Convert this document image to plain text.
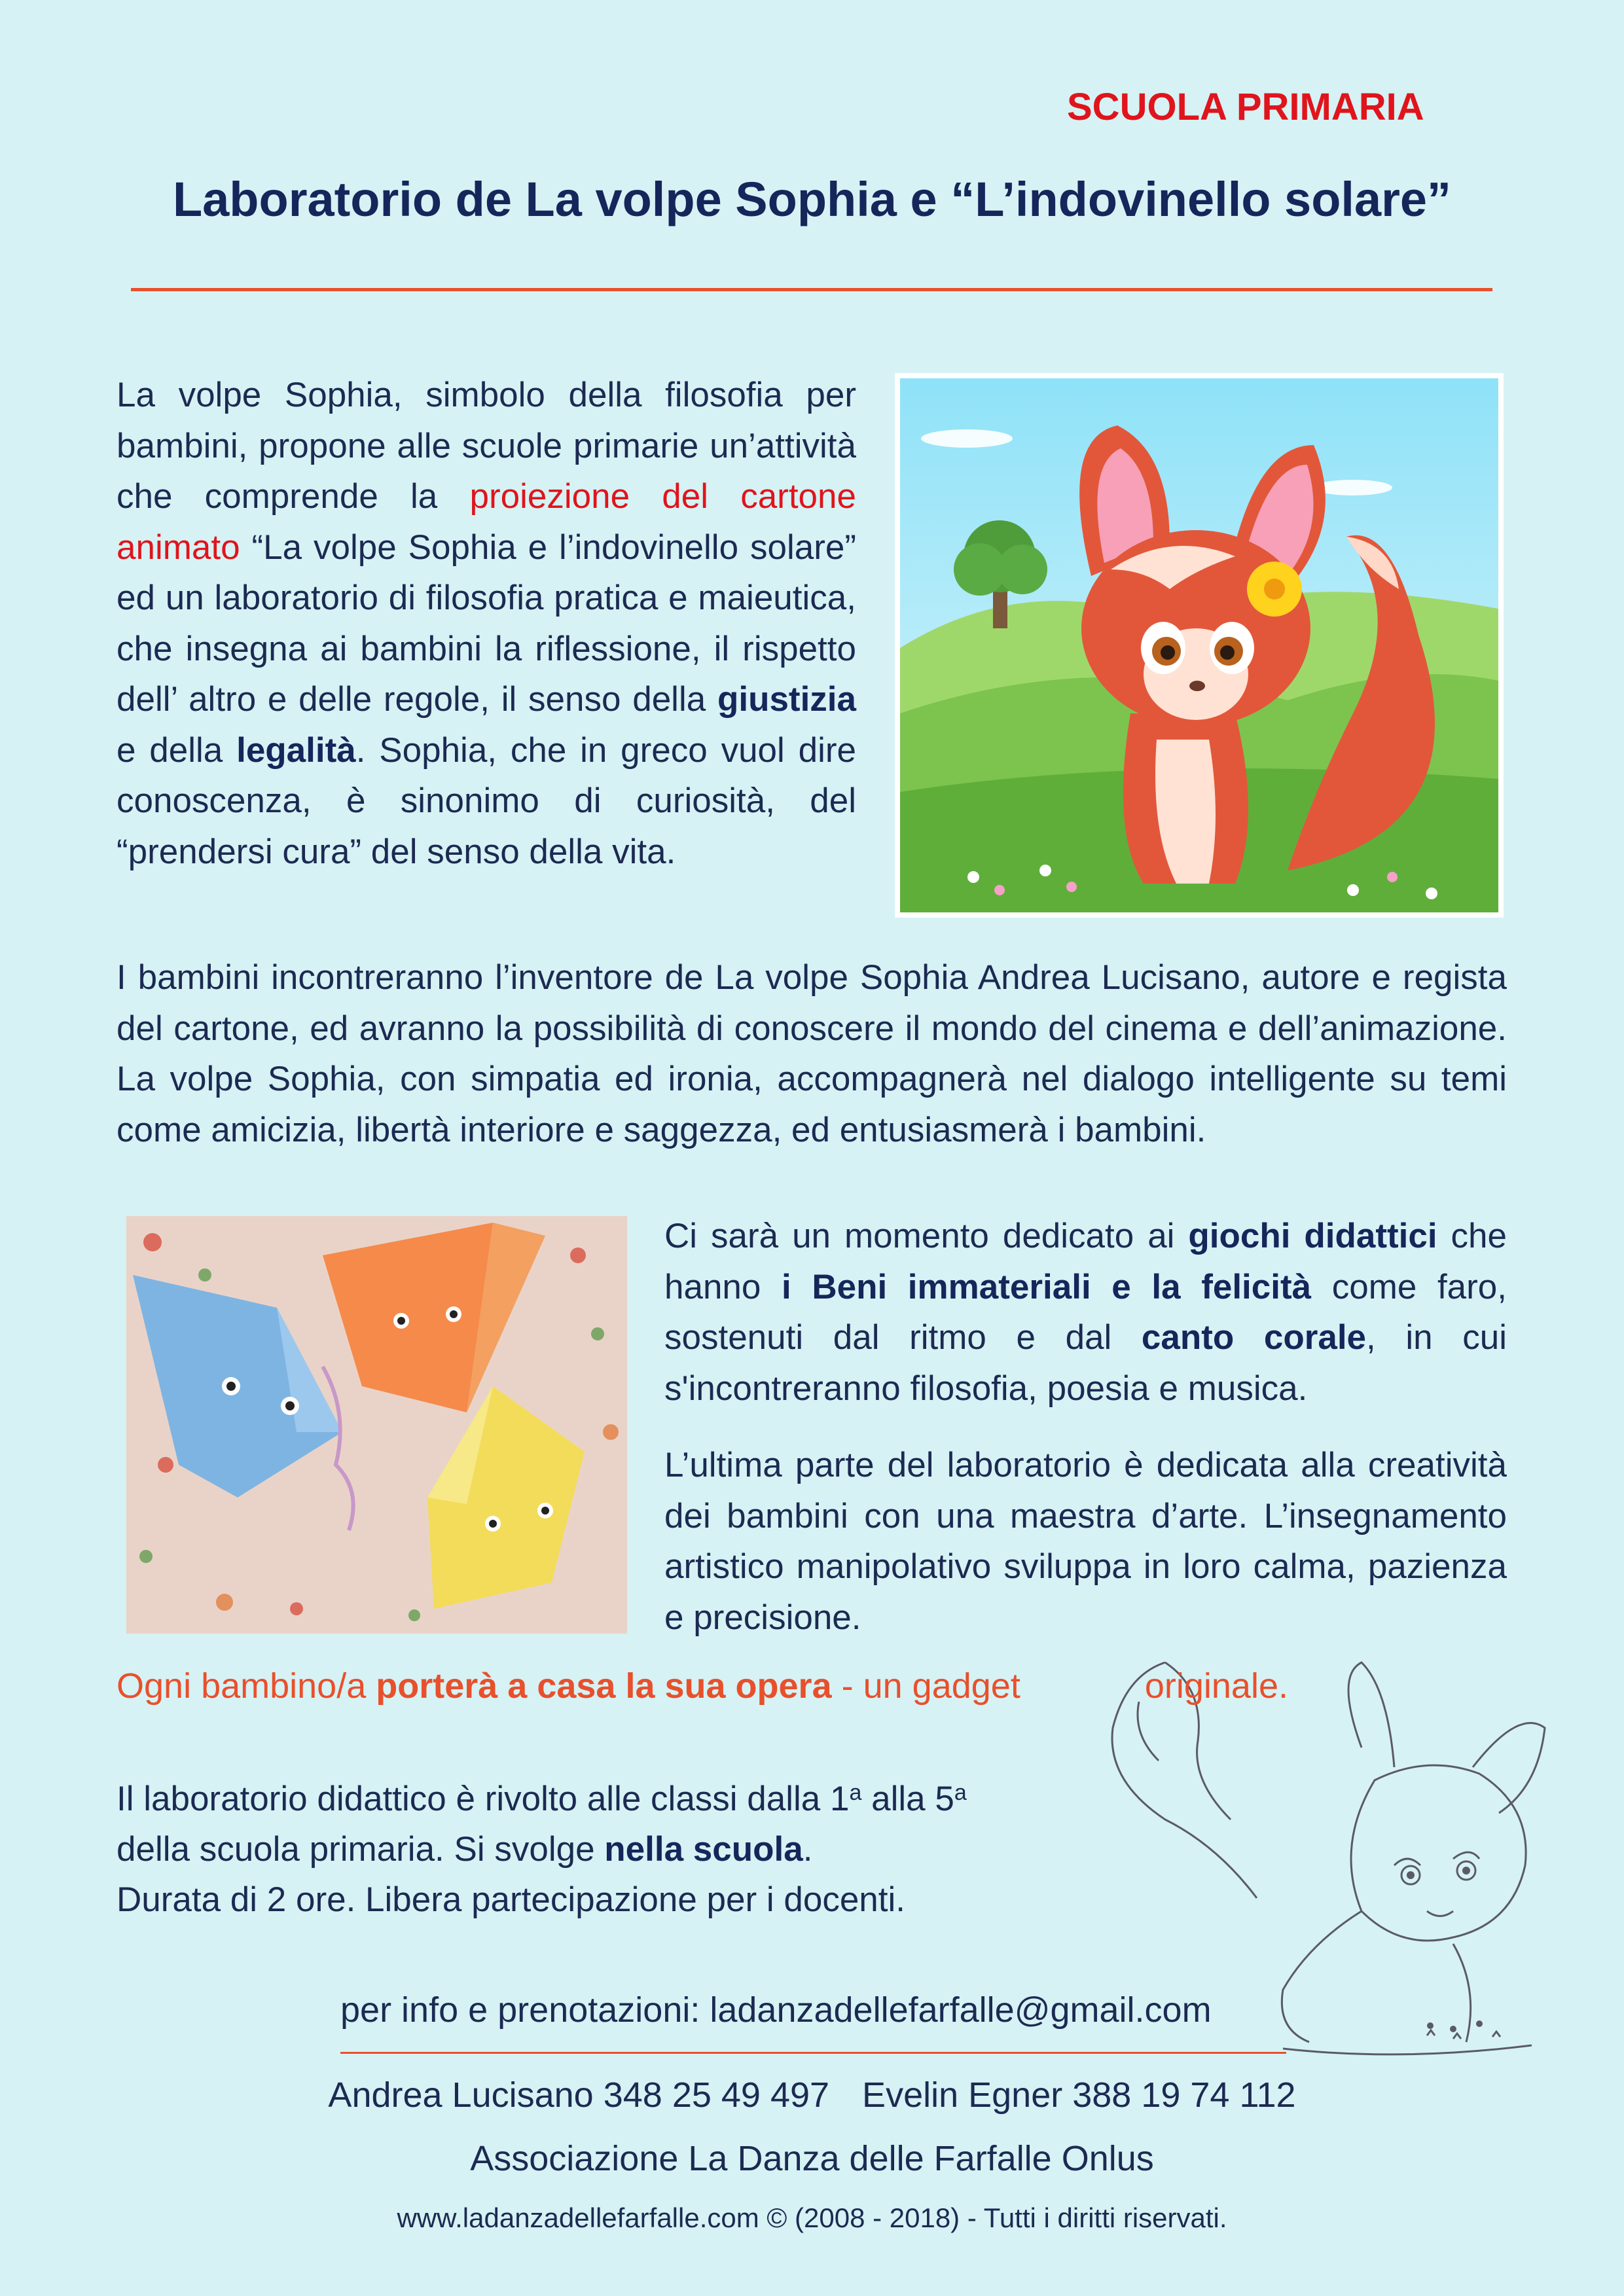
SCUOLA PRIMARIA
Laboratorio de La volpe Sophia e “L’indovinello solare”
La volpe Sophia, simbolo della filosofia per bambini, propone alle scuole primarie un’attività che comprende la proiezione del cartone animato “La volpe Sophia e l’indovinello solare” ed un laboratorio di filosofia pratica e maieutica, che insegna ai bambini la riflessione, il rispetto dell’ altro e delle regole, il senso della giustizia e della legalità. Sophia, che in greco vuol dire conoscenza, è sinonimo di curiosità, del “prendersi cura” del senso della vita.
I bambini incontreranno l’inventore de La volpe Sophia Andrea Lucisano, autore e regista del cartone, ed avranno la possibilità di conoscere il mondo del cinema e dell’animazione. La volpe Sophia, con simpatia ed ironia, accompagnerà nel dialogo intelligente su temi come amicizia, libertà interiore e saggezza, ed entusiasmerà i bambini.
Ci sarà un momento dedicato ai giochi didattici che hanno i Beni immateriali e la felicità come faro, sostenuti dal ritmo e dal canto corale, in cui s'incontreranno filosofia, poesia e musica.
L’ultima parte del laboratorio è dedicata alla creatività dei bambini con una maestra d’arte. L’insegnamento artistico manipolativo sviluppa in loro calma, pazienza e precisione.
Ogni bambino/a porterà a casa la sua opera - un gadget	originale.
Il laboratorio didattico è rivolto alle classi dalla 1$^a$ alla 5$^a$
della scuola primaria. Si svolge nella scuola.
Durata di 2 ore. Libera partecipazione per i docenti.
per info e prenotazioni: ladanzadellefarfalle@gmail.com
Andrea Lucisano 348 25 49 497 Evelin Egner 388 19 74 112
Associazione La Danza delle Farfalle Onlus
www.ladanzadellefarfalle.com © (2008 - 2018) - Tutti i diritti riservati.
